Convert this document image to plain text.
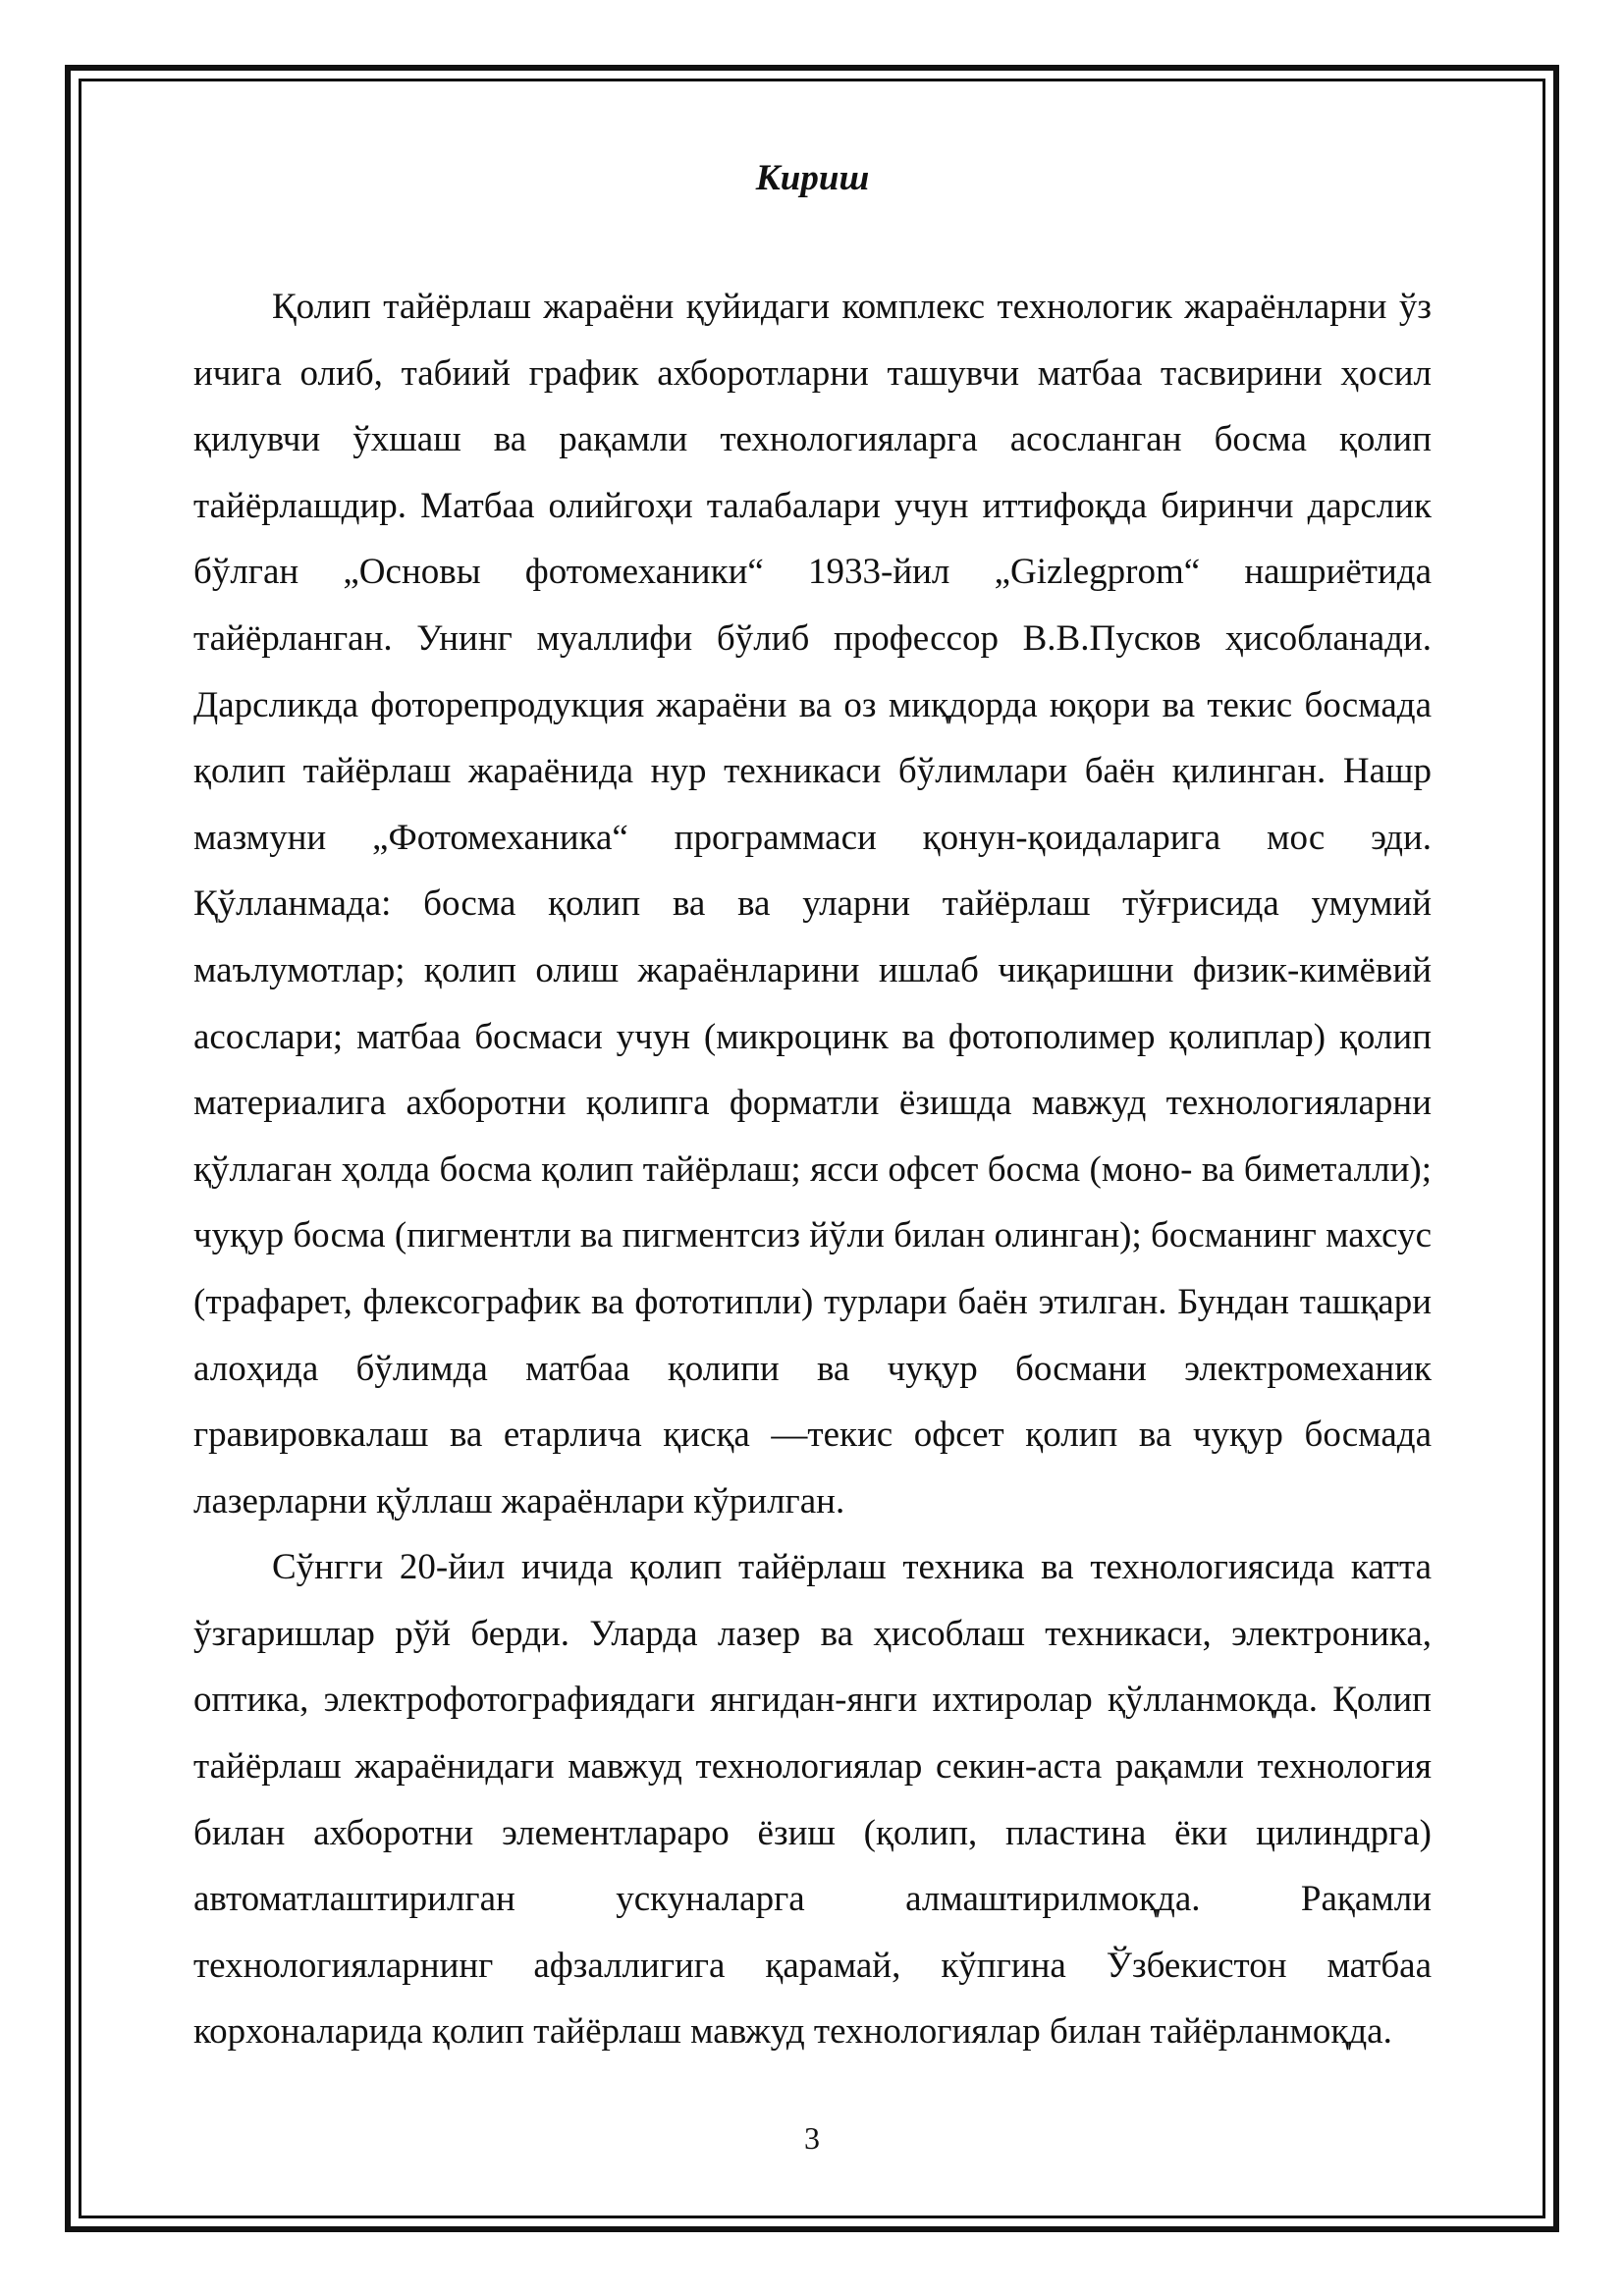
Кириш

Қолип тайёрлаш жараёни қуйидаги комплекс технологик жараёнларни ўз ичига олиб, табиий график ахборотларни ташувчи матбаа тасвирини ҳосил қилувчи ўхшаш ва рақамли технологияларга асосланган босма қолип тайёрлашдир. Матбаа олийгоҳи талабалари учун иттифоқда биринчи дарслик бўлган „Основы фотомеханики“ 1933-йил „Gizlegprom“ нашриётида тайёрланган. Унинг муаллифи бўлиб профессор В.В.Пусков ҳисобланади. Дарсликда фоторепродукция жараёни ва оз миқдорда юқори ва текис босмада қолип тайёрлаш жараёнида нур техникаси бўлимлари баён қилинган. Нашр мазмуни „Фотомеханика“ программаси қонун-қоидаларига мос эди. Қўлланмада: босма қолип ва ва уларни тайёрлаш тўғрисида умумий маълумотлар; қолип олиш жараёнларини ишлаб чиқаришни физик-кимёвий асослари; матбаа босмаси учун (микроцинк ва фотополимер қолиплар) қолип материалига ахборотни қолипга форматли ёзишда мавжуд технологияларни қўллаган ҳолда босма қолип тайёрлаш; ясси офсет босма (моно- ва биметалли); чуқур босма (пигментли ва пигментсиз йўли билан олинган); босманинг махсус (трафарет, флексографик ва фототипли) турлари баён этилган. Бундан ташқари алоҳида бўлимда матбаа қолипи ва чуқур босмани электромеханик гравировкалаш ва етарлича қисқа —текис офсет қолип ва чуқур босмада лазерларни қўллаш жараёнлари кўрилган.

Сўнгги 20-йил ичида қолип тайёрлаш техника ва технологиясида катта ўзгаришлар рўй берди. Уларда лазер ва ҳисоблаш техникаси, электроника, оптика, электрофотографиядаги янгидан-янги ихтиролар қўлланмоқда. Қолип тайёрлаш жараёнидаги мавжуд технологиялар секин-аста рақамли технология билан ахборотни элементлараро ёзиш (қолип, пластина ёки цилиндрга) автоматлаштирилган ускуналарга алмаштирилмоқда. Рақамли технологияларнинг афзаллигига қарамай, кўпгина Ўзбекистон матбаа корхоналарида қолип тайёрлаш мавжуд технологиялар билан тайёрланмоқда.

3
